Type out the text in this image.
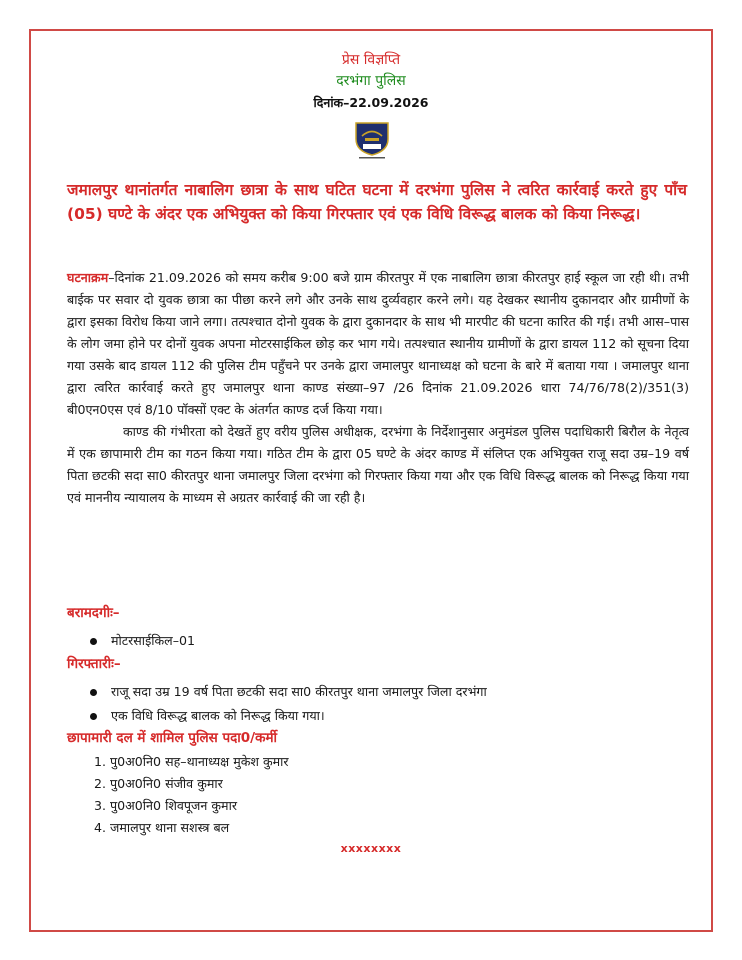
प्रेस विज्ञप्ति
दरभंगा पुलिस
दिनांक–22.09.2026

जमालपुर थानांतर्गत नाबालिग छात्रा के साथ घटित घटना में दरभंगा पुलिस ने त्वरित कार्रवाई करते हुए पाँच (05) घण्टे के अंदर एक अभियुक्त को किया गिरफ्तार एवं एक विधि विरूद्ध बालक को किया निरूद्ध।

घटनाक्रम–दिनांक 21.09.2026 को समय करीब 9:00 बजे ग्राम कीरतपुर में एक नाबालिग छात्रा कीरतपुर हाई स्कूल जा रही थी। तभी बाईक पर सवार दो युवक छात्रा का पीछा करने लगे और उनके साथ दुर्व्यवहार करने लगे। यह देखकर स्थानीय दुकानदार और ग्रामीणों के द्वारा इसका विरोध किया जाने लगा। तत्पश्चात दोनो युवक के द्वारा दुकानदार के साथ भी मारपीट की घटना कारित की गई। तभी आस–पास के लोग जमा होने पर दोनों युवक अपना मोटरसाईकिल छोड़ कर भाग गये। तत्पश्चात स्थानीय ग्रामीणों के द्वारा डायल 112 को सूचना दिया गया उसके बाद डायल 112 की पुलिस टीम पहुँचने पर उनके द्वारा जमालपुर थानाध्यक्ष को घटना के बारे में बताया गया । जमालपुर थाना द्वारा त्वरित कार्रवाई करते हुए जमालपुर थाना काण्ड संख्या–97 /26 दिनांक 21.09.2026 धारा 74/76/78(2)/351(3) बी0एन0एस एवं 8/10 पॉक्सों एक्ट के अंतर्गत काण्ड दर्ज किया गया।

काण्ड की गंभीरता को देखतें हुए वरीय पुलिस अधीक्षक, दरभंगा के निर्देशानुसार अनुमंडल पुलिस पदाधिकारी बिरौल के नेतृत्व में एक छापामारी टीम का गठन किया गया। गठित टीम के द्वारा 05 घण्टे के अंदर काण्ड में संलिप्त एक अभियुक्त राजू सदा उम्र–19 वर्ष पिता छटकी सदा सा0 कीरतपुर थाना जमालपुर जिला दरभंगा को गिरफ्तार किया गया और एक विधि विरूद्ध बालक को निरूद्ध किया गया एवं माननीय न्यायालय के माध्यम से अग्रतर कार्रवाई की जा रही है।

बरामदगीः–
मोटरसाईकिल–01
गिरफ्तारीः–
राजू सदा उम्र 19 वर्ष पिता छटकी सदा सा0 कीरतपुर थाना जमालपुर जिला दरभंगा
एक विधि विरूद्ध बालक को निरूद्ध किया गया।
छापामारी दल में शामिल पुलिस पदा0/कर्मी
1. पु0अ0नि0 सह–थानाध्यक्ष मुकेश कुमार
2. पु0अ0नि0 संजीव कुमार
3. पु0अ0नि0 शिवपूजन कुमार
4. जमालपुर थाना सशस्त्र बल
xxxxxxxx
